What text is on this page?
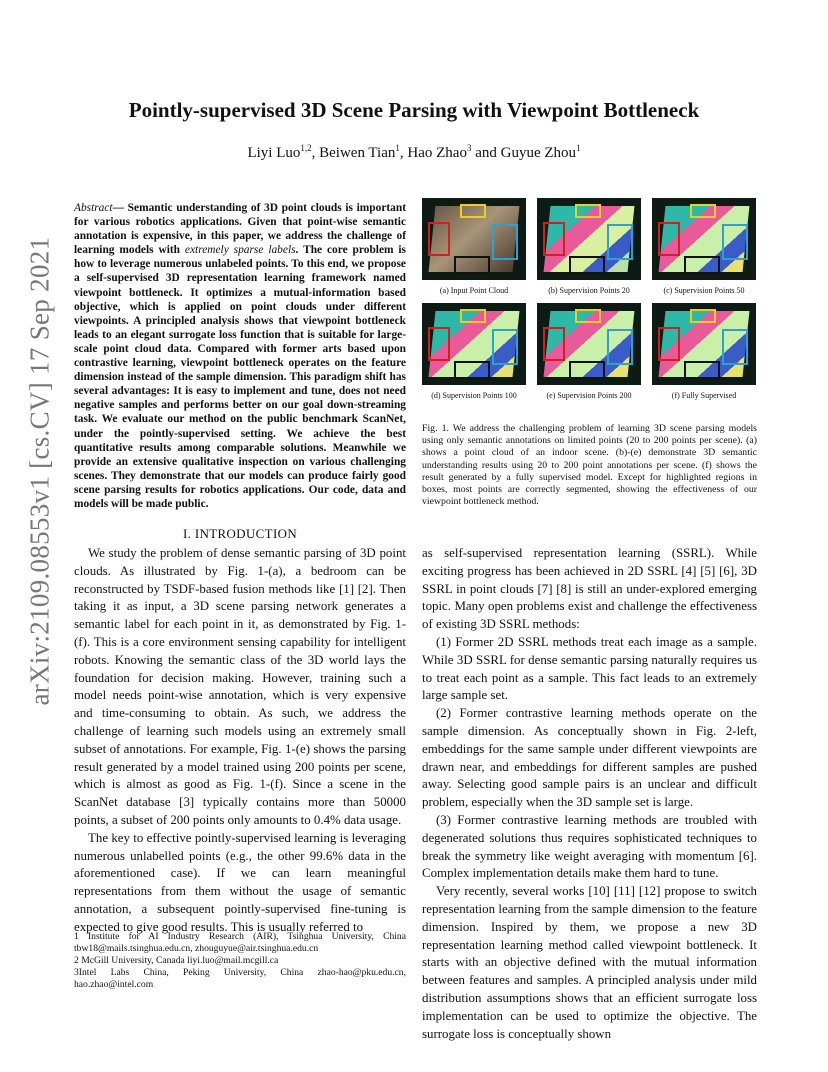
arXiv:2109.08553v1 [cs.CV] 17 Sep 2021
Pointly-supervised 3D Scene Parsing with Viewpoint Bottleneck
Liyi Luo$^{1,2}$, Beiwen Tian$^1$, Hao Zhao$^3$ and Guyue Zhou$^1$
Abstract— Semantic understanding of 3D point clouds is important for various robotics applications. Given that point-wise semantic annotation is expensive, in this paper, we address the challenge of learning models with extremely sparse labels. The core problem is how to leverage numerous unlabeled points. To this end, we propose a self-supervised 3D representation learning framework named viewpoint bottleneck. It optimizes a mutual-information based objective, which is applied on point clouds under different viewpoints. A principled analysis shows that viewpoint bottleneck leads to an elegant surrogate loss function that is suitable for large-scale point cloud data. Compared with former arts based upon contrastive learning, viewpoint bottleneck operates on the feature dimension instead of the sample dimension. This paradigm shift has several advantages: It is easy to implement and tune, does not need negative samples and performs better on our goal down-streaming task. We evaluate our method on the public benchmark ScanNet, under the pointly-supervised setting. We achieve the best quantitative results among comparable solutions. Meanwhile we provide an extensive qualitative inspection on various challenging scenes. They demonstrate that our models can produce fairly good scene parsing results for robotics applications. Our code, data and models will be made public.
I. INTRODUCTION

We study the problem of dense semantic parsing of 3D point clouds. As illustrated by Fig. 1-(a), a bedroom can be reconstructed by TSDF-based fusion methods like [1] [2]. Then taking it as input, a 3D scene parsing network generates a semantic label for each point in it, as demonstrated by Fig. 1-(f). This is a core environment sensing capability for intelligent robots. Knowing the semantic class of the 3D world lays the foundation for decision making. However, training such a model needs point-wise annotation, which is very expensive and time-consuming to obtain. As such, we address the challenge of learning such models using an extremely small subset of annotations. For example, Fig. 1-(e) shows the parsing result generated by a model trained using 200 points per scene, which is almost as good as Fig. 1-(f). Since a scene in the ScanNet database [3] typically contains more than 50000 points, a subset of 200 points only amounts to 0.4% data usage.

The key to effective pointly-supervised learning is leveraging numerous unlabelled points (e.g., the other 99.6% data in the aforementioned case). If we can learn meaningful representations from them without the usage of semantic annotation, a subsequent pointly-supervised fine-tuning is expected to give good results. This is usually referred to

1 Institute for AI Industry Research (AIR), Tsinghua University, China tbw18@mails.tsinghua.edu.cn, zhouguyue@air.tsinghua.edu.cn
2 McGill University, Canada liyi.luo@mail.mcgill.ca
3Intel Labs China, Peking University, China zhao-hao@pku.edu.cn, hao.zhao@intel.com
(a) Input Point Cloud	(b) Supervision Points 20	(c) Supervision Points 50
(d) Supervision Points 100	(e) Supervision Points 200	(f) Fully Supervised
Fig. 1. We address the challenging problem of learning 3D scene parsing models using only semantic annotations on limited points (20 to 200 points per scene). (a) shows a point cloud of an indoor scene. (b)-(e) demonstrate 3D semantic understanding results using 20 to 200 point annotations per scene. (f) shows the result generated by a fully supervised model. Except for highlighted regions in boxes, most points are correctly segmented, showing the effectiveness of our viewpoint bottleneck method.

as self-supervised representation learning (SSRL). While exciting progress has been achieved in 2D SSRL [4] [5] [6], 3D SSRL in point clouds [7] [8] is still an under-explored emerging topic. Many open problems exist and challenge the effectiveness of existing 3D SSRL methods:

(1) Former 2D SSRL methods treat each image as a sample. While 3D SSRL for dense semantic parsing naturally requires us to treat each point as a sample. This fact leads to an extremely large sample set.

(2) Former contrastive learning methods operate on the sample dimension. As conceptually shown in Fig. 2-left, embeddings for the same sample under different viewpoints are drawn near, and embeddings for different samples are pushed away. Selecting good sample pairs is an unclear and difficult problem, especially when the 3D sample set is large.

(3) Former contrastive learning methods are troubled with degenerated solutions thus requires sophisticated techniques to break the symmetry like weight averaging with momentum [6]. Complex implementation details make them hard to tune.

Very recently, several works [10] [11] [12] propose to switch representation learning from the sample dimension to the feature dimension. Inspired by them, we propose a new 3D representation learning method called viewpoint bottleneck. It starts with an objective defined with the mutual information between features and samples. A principled analysis under mild distribution assumptions shows that an efficient surrogate loss implementation can be used to optimize the objective. The surrogate loss is conceptually shown
